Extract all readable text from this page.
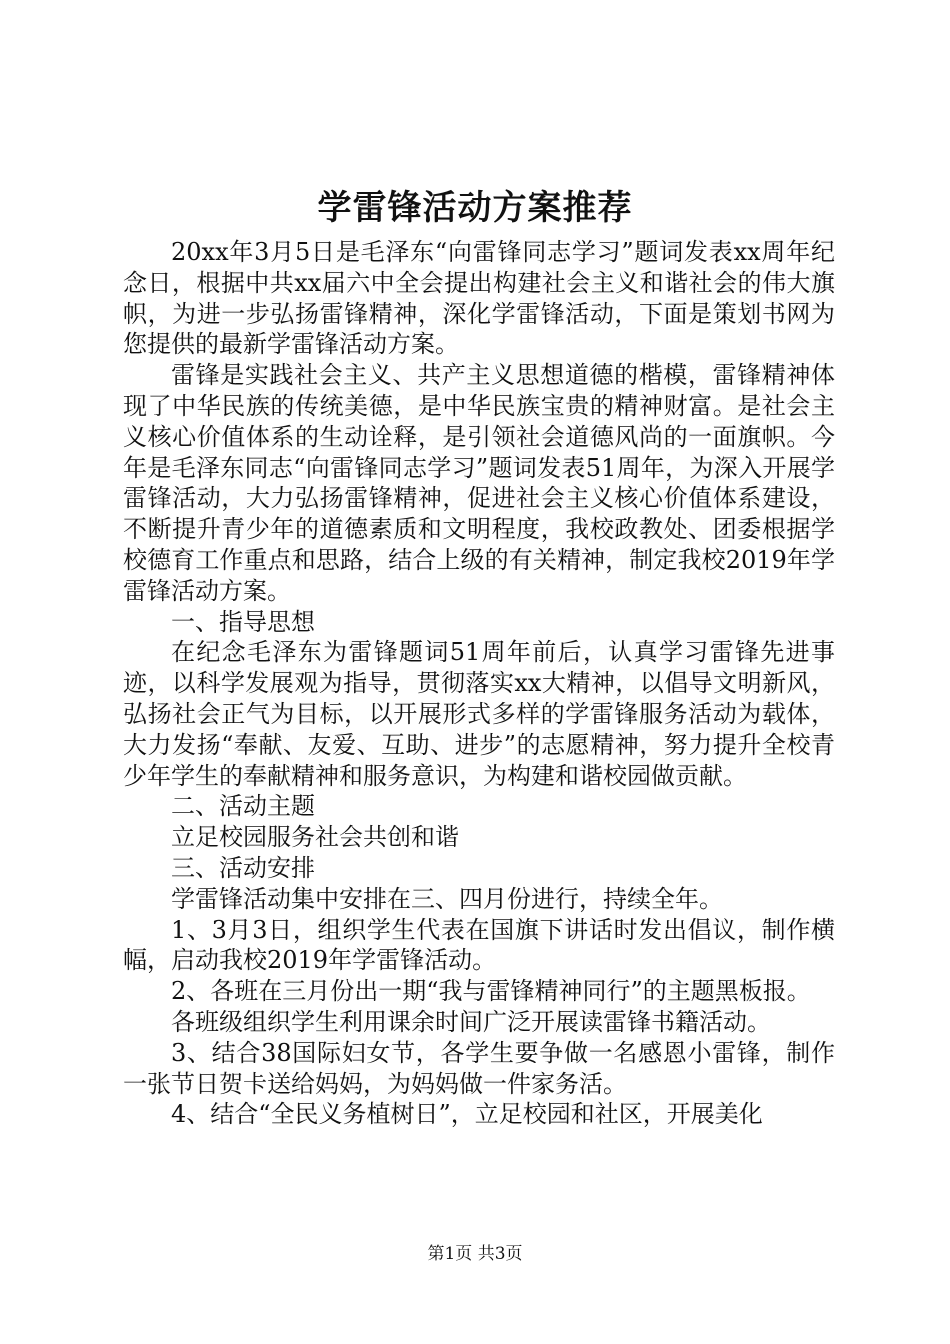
学雷锋活动方案推荐

20xx年3月5日是毛泽东“向雷锋同志学习”题词发表xx周年纪念日，根据中共xx届六中全会提出构建社会主义和谐社会的伟大旗帜，为进一步弘扬雷锋精神，深化学雷锋活动，下面是策划书网为您提供的最新学雷锋活动方案。

雷锋是实践社会主义、共产主义思想道德的楷模，雷锋精神体现了中华民族的传统美德，是中华民族宝贵的精神财富。是社会主义核心价值体系的生动诠释，是引领社会道德风尚的一面旗帜。今年是毛泽东同志“向雷锋同志学习”题词发表51周年，为深入开展学雷锋活动，大力弘扬雷锋精神，促进社会主义核心价值体系建设，不断提升青少年的道德素质和文明程度，我校政教处、团委根据学校德育工作重点和思路，结合上级的有关精神，制定我校2019年学雷锋活动方案。

一、指导思想

在纪念毛泽东为雷锋题词51周年前后，认真学习雷锋先进事迹，以科学发展观为指导，贯彻落实xx大精神，以倡导文明新风，弘扬社会正气为目标，以开展形式多样的学雷锋服务活动为载体，大力发扬“奉献、友爱、互助、进步”的志愿精神，努力提升全校青少年学生的奉献精神和服务意识，为构建和谐校园做贡献。

二、活动主题

立足校园服务社会共创和谐

三、活动安排

学雷锋活动集中安排在三、四月份进行，持续全年。

1、3月3日，组织学生代表在国旗下讲话时发出倡议，制作横幅，启动我校2019年学雷锋活动。

2、各班在三月份出一期“我与雷锋精神同行”的主题黑板报。

各班级组织学生利用课余时间广泛开展读雷锋书籍活动。

3、结合38国际妇女节，各学生要争做一名感恩小雷锋，制作一张节日贺卡送给妈妈，为妈妈做一件家务活。

4、结合“全民义务植树日”，立足校园和社区，开展美化

第1页 共3页
